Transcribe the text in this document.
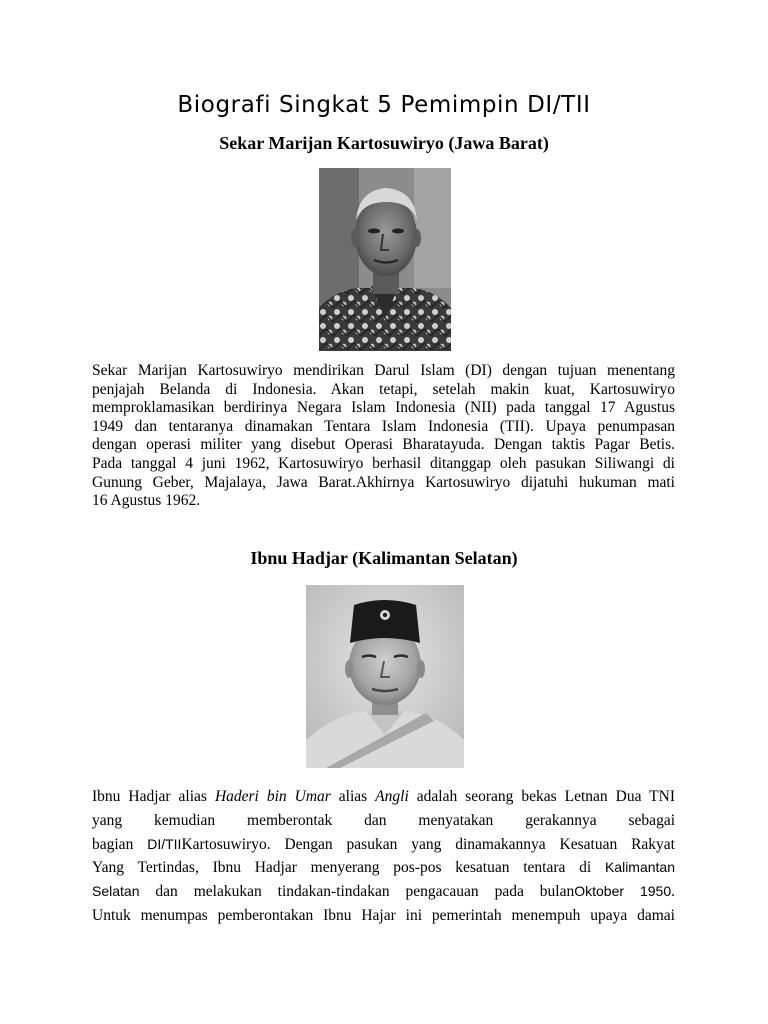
Biografi Singkat 5 Pemimpin DI/TII
Sekar Marijan Kartosuwiryo (Jawa Barat)
Sekar Marijan Kartosuwiryo mendirikan Darul Islam (DI) dengan tujuan menentang
penjajah Belanda di Indonesia. Akan tetapi, setelah makin kuat, Kartosuwiryo
memproklamasikan berdirinya Negara Islam Indonesia (NII) pada tanggal 17 Agustus
1949 dan tentaranya dinamakan Tentara Islam Indonesia (TII). Upaya penumpasan
dengan operasi militer yang disebut Operasi Bharatayuda. Dengan taktis Pagar Betis.
Pada tanggal 4 juni 1962, Kartosuwiryo berhasil ditanggap oleh pasukan Siliwangi di
Gunung Geber, Majalaya, Jawa Barat.Akhirnya Kartosuwiryo dijatuhi hukuman mati
16 Agustus 1962.
Ibnu Hadjar (Kalimantan Selatan)
Ibnu Hadjar alias Haderi bin Umar alias Angli adalah seorang bekas Letnan Dua TNI
yang kemudian memberontak dan menyatakan gerakannya sebagai
bagian DI/TIIKartosuwiryo. Dengan pasukan yang dinamakannya Kesatuan Rakyat
Yang Tertindas, Ibnu Hadjar menyerang pos-pos kesatuan tentara di Kalimantan
Selatan dan melakukan tindakan-tindakan pengacauan pada bulanOktober 1950.
Untuk menumpas pemberontakan Ibnu Hajar ini pemerintah menempuh upaya damai
